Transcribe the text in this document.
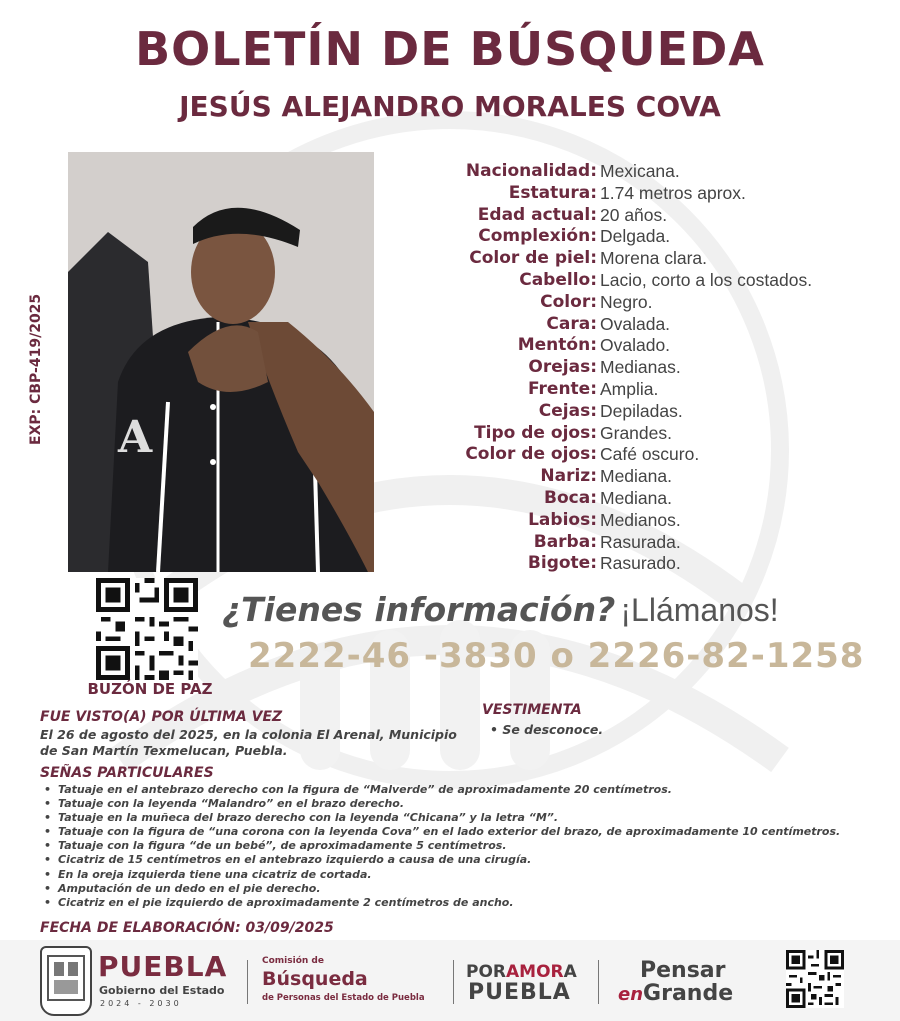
BOLETÍN DE BÚSQUEDA
JESÚS ALEJANDRO MORALES COVA
EXP: CBP-419/2025 A
Nacionalidad: Mexicana.
Estatura: 1.74 metros aprox.
Edad actual: 20 años.
Complexión: Delgada.
Color de piel: Morena clara.
Cabello: Lacio, corto a los costados.
Color: Negro.
Cara: Ovalada.
Mentón: Ovalado.
Orejas: Medianas.
Frente: Amplia.
Cejas: Depiladas.
Tipo de ojos: Grandes.
Color de ojos: Café oscuro.
Nariz: Mediana.
Boca: Mediana.
Labios: Medianos.
Barba: Rasurada.
Bigote: Rasurado.
BUZÓN DE PAZ
¿Tienes información? ¡Llámanos!
2222-46 -3830 o 2226-82-1258
FUE VISTO(A) POR ÚLTIMA VEZ
El 26 de agosto del 2025, en la colonia El Arenal, Municipio
de San Martín Texmelucan, Puebla.
VESTIMENTA
• Se desconoce.
SEÑAS PARTICULARES
• Tatuaje en el antebrazo derecho con la figura de “Malverde” de aproximadamente 20 centímetros.
• Tatuaje con la leyenda “Malandro” en el brazo derecho.
• Tatuaje en la muñeca del brazo derecho con la leyenda “Chicana” y la letra “M”.
• Tatuaje con la figura de “una corona con la leyenda Cova” en el lado exterior del brazo, de aproximadamente 10 centímetros.
• Tatuaje con la figura “de un bebé”, de aproximadamente 5 centímetros.
• Cicatriz de 15 centímetros en el antebrazo izquierdo a causa de una cirugía.
• En la oreja izquierda tiene una cicatriz de cortada.
• Amputación de un dedo en el pie derecho.
• Cicatriz en el pie izquierdo de aproximadamente 2 centímetros de ancho.
FECHA DE ELABORACIÓN: 03/09/2025
PUEBLA
Gobierno del Estado
2024 - 2030
Comisión de
Búsqueda
de Personas del Estado de Puebla
PORAMORA
PUEBLA
Pensar
enGrande
